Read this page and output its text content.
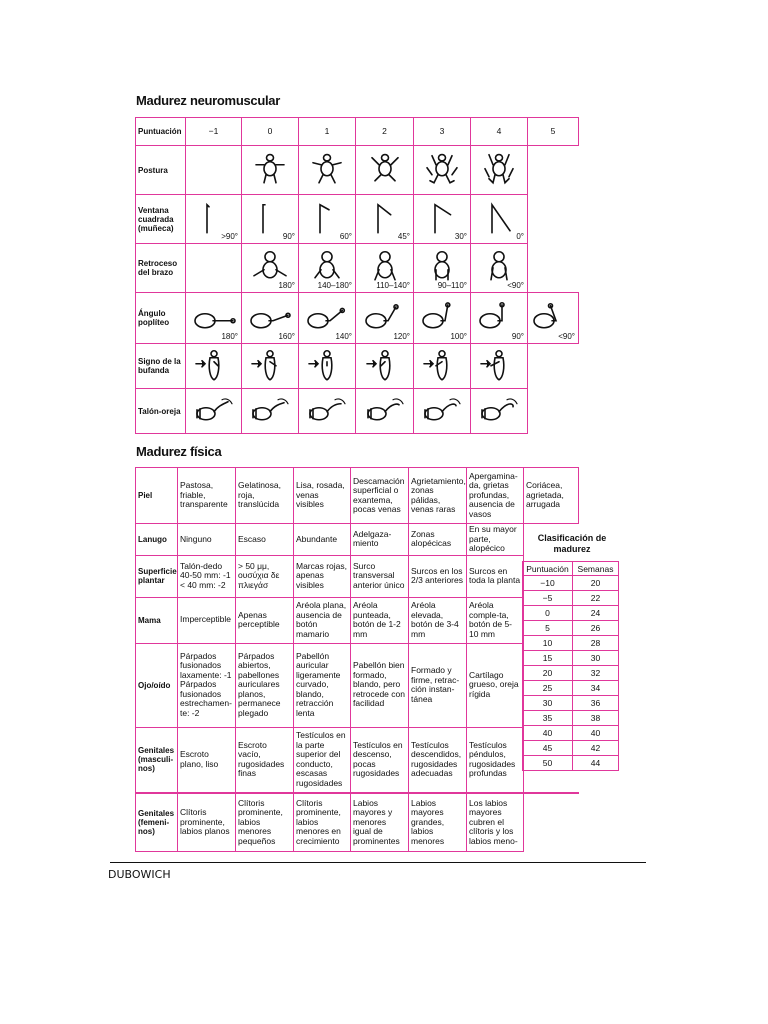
Madurez neuromuscular
Puntuación	−1	0	1	2	3	4	5
Postura		

Ventana cuadrada (muñeca)	>90°	90°	60°	45°	30°	0°	

Retroceso del brazo		180°	140–180°	110–140°	90–110°	<90°	

Ángulo poplíteo	180°	160°	140°	120°	100°	90°	<90°

Signo de la bufanda	

Talón-oreja	

Madurez física
Piel	Pastosa, friable, transparente	Gelatinosa, roja, translúcida	Lisa, rosada, venas visibles	Descamación superficial o exantema, pocas venas	Agrietamiento, zonas pálidas, venas raras	Apergamina-da, grietas profundas, ausencia de vasos	Coriácea, agrietada, arrugada
Lanugo	Ninguno	Escaso	Abundante	Adelgaza-miento	Zonas alopécicas	En su mayor parte, alopécico	
Superficie plantar	Talón-dedo 40-50 mm: -1 < 40 mm: -2	> 50 μμ, ουσύχια δε πλιεγάσ	Marcas rojas, apenas visibles	Surco transversal anterior único	Surcos en los 2/3 anteriores	Surcos en toda la planta	
Mama	Imperceptible	Apenas perceptible	Aréola plana, ausencia de botón mamario	Aréola punteada, botón de 1-2 mm	Aréola elevada, botón de 3-4 mm	Aréola comple-ta, botón de 5-10 mm	
Ojo/oído	Párpados fusionados laxamente: -1 Párpados fusionados estrechamen-te: -2	Párpados abiertos, pabellones auriculares planos, permanece plegado	Pabellón auricular ligeramente curvado, blando, retracción lenta	Pabellón bien formado, blando, pero retrocede con facilidad	Formado y firme, retrac-ción instan-tánea	Cartílago grueso, oreja rígida	
Genitales (masculi-nos)	Escroto plano, liso	Escroto vacío, rugosidades finas	Testículos en la parte superior del conducto, escasas rugosidades	Testículos en descenso, pocas rugosidades	Testículos descendidos, rugosidades adecuadas	Testículos péndulos, rugosidades profundas	
Genitales (femeni-nos)	Clítoris prominente, labios planos	Clítoris prominente, labios menores pequeños	Clítoris prominente, labios menores en crecimiento	Labios mayores y menores igual de prominentes	Labios mayores grandes, labios menores	Los labios mayores cubren el clítoris y los labios meno-	
Clasificación de madurez
Puntuación	Semanas
−10	20
−5	22
0	24
5	26
10	28
15	30
20	32
25	34
30	36
35	38
40	40
45	42
50	44
DUBOWICH
